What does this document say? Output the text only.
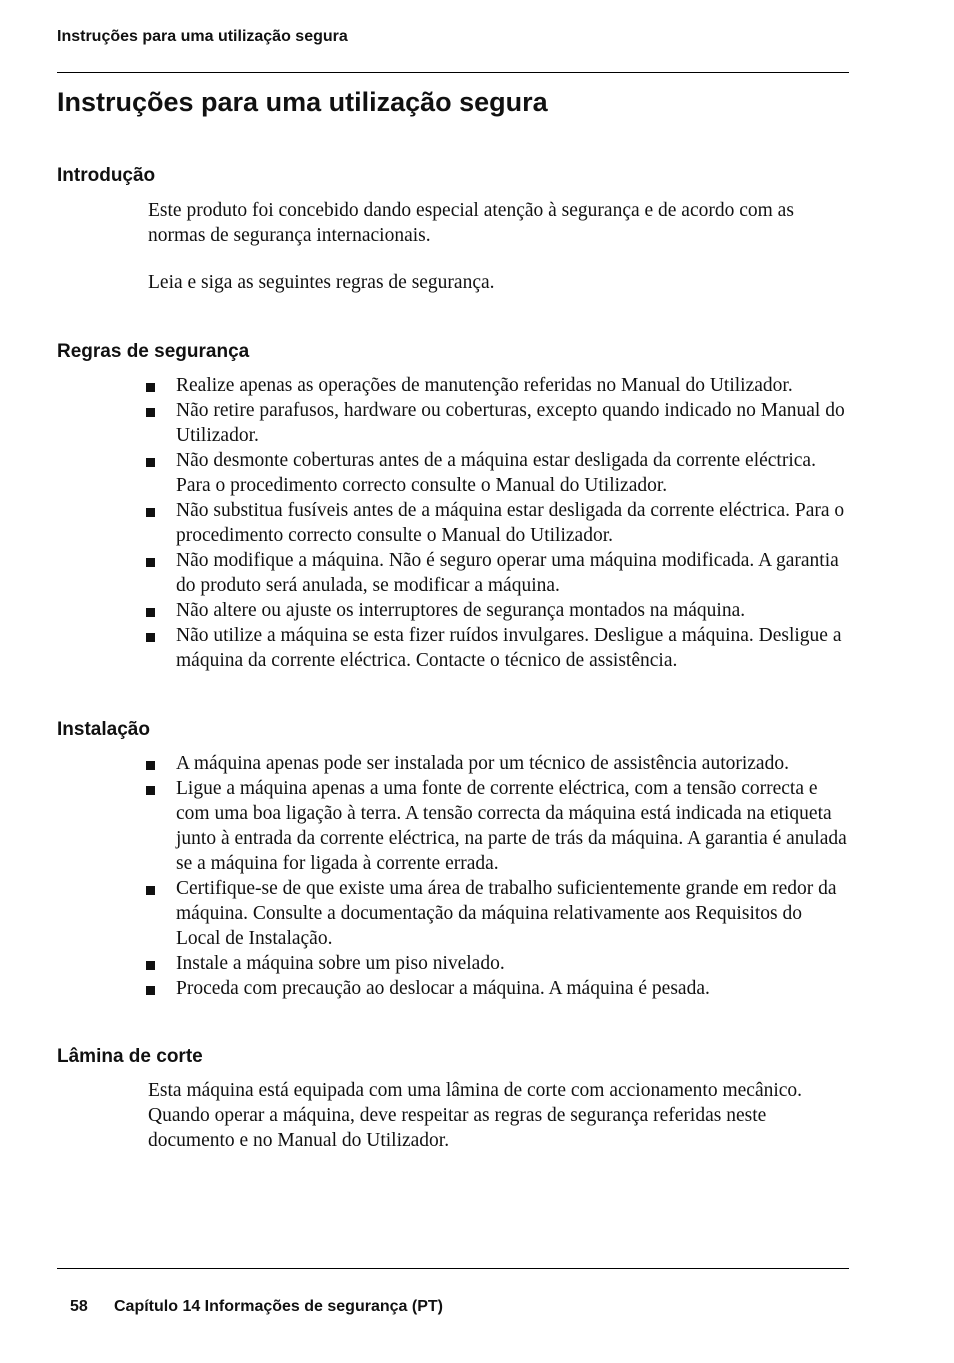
Instruções para uma utilização segura
Instruções para uma utilização segura
Introdução

Este produto foi concebido dando especial atenção à segurança e de acordo com as normas de segurança internacionais.

Leia e siga as seguintes regras de segurança.

Regras de segurança
Realize apenas as operações de manutenção referidas no Manual do Utilizador.
Não retire parafusos, hardware ou coberturas, excepto quando indicado no Manual do Utilizador.
Não desmonte coberturas antes de a máquina estar desligada da corrente eléctrica. Para o procedimento correcto consulte o Manual do Utilizador.
Não substitua fusíveis antes de a máquina estar desligada da corrente eléctrica. Para o procedimento correcto consulte o Manual do Utilizador.
Não modifique a máquina. Não é seguro operar uma máquina modificada. A garantia do produto será anulada, se modificar a máquina.
Não altere ou ajuste os interruptores de segurança montados na máquina.
Não utilize a máquina se esta fizer ruídos invulgares. Desligue a máquina. Desligue a máquina da corrente eléctrica. Contacte o técnico de assistência.
Instalação
A máquina apenas pode ser instalada por um técnico de assistência autorizado.
Ligue a máquina apenas a uma fonte de corrente eléctrica, com a tensão correcta e com uma boa ligação à terra. A tensão correcta da máquina está indicada na etiqueta junto à entrada da corrente eléctrica, na parte de trás da máquina. A garantia é anulada se a máquina for ligada à corrente errada.
Certifique-se de que existe uma área de trabalho suficientemente grande em redor da máquina. Consulte a documentação da máquina relativamente aos Requisitos do Local de Instalação.
Instale a máquina sobre um piso nivelado.
Proceda com precaução ao deslocar a máquina. A máquina é pesada.
Lâmina de corte

Esta máquina está equipada com uma lâmina de corte com accionamento mecânico. Quando operar a máquina, deve respeitar as regras de segurança referidas neste documento e no Manual do Utilizador.

58 Capítulo 14 Informações de segurança (PT)
